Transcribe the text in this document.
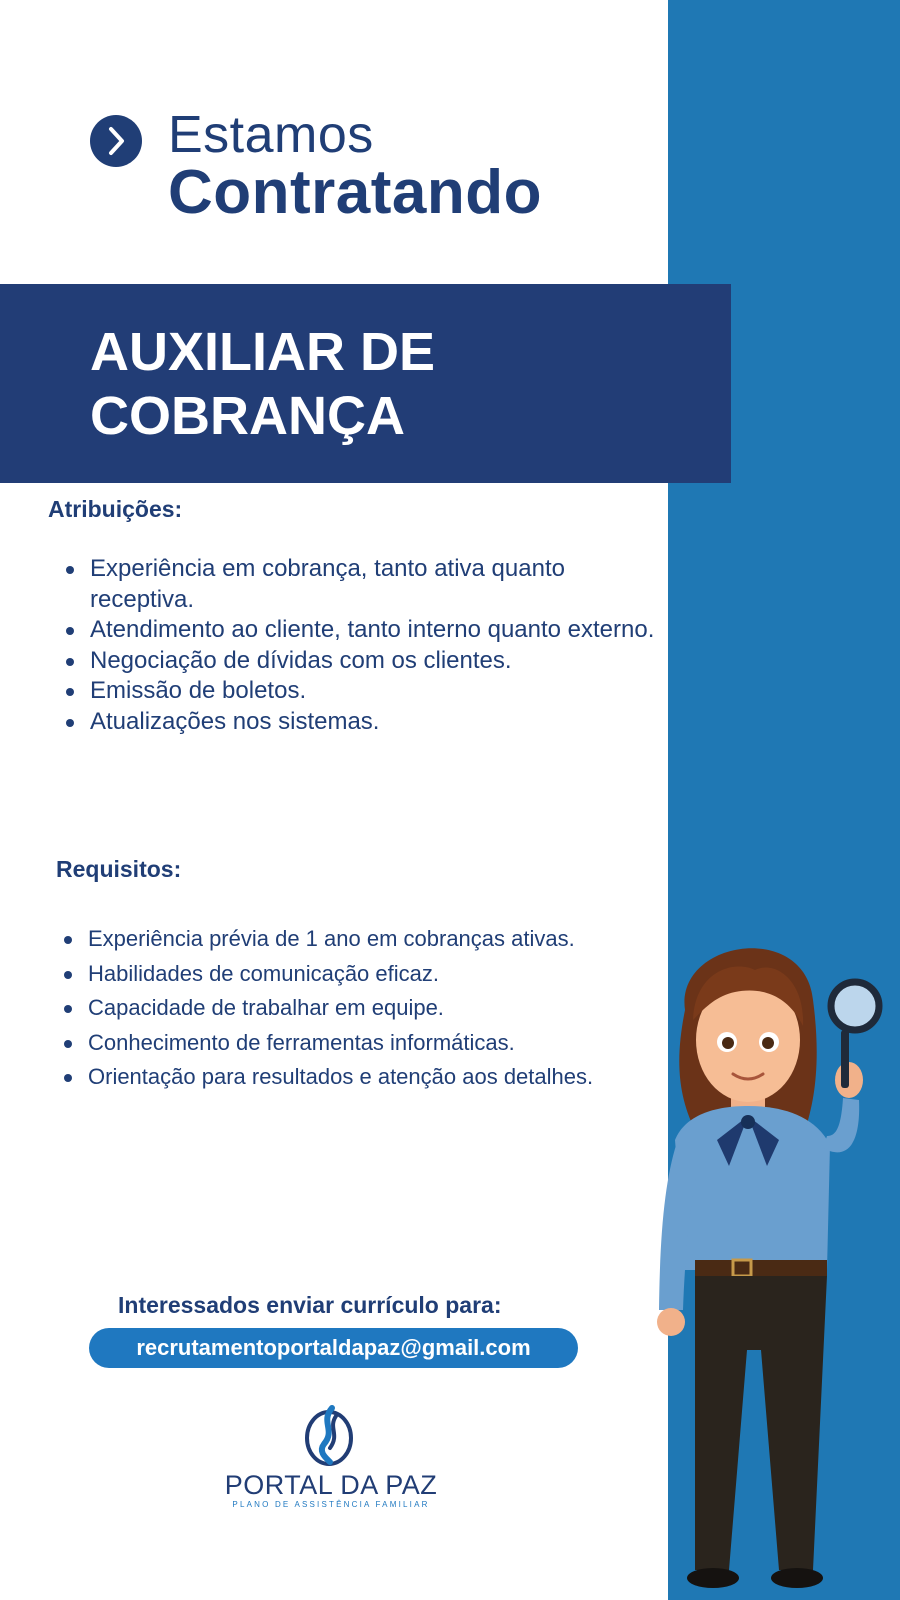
Estamos
Contratando
AUXILIAR DE COBRANÇA
Atribuições:
Experiência em cobrança, tanto ativa quanto receptiva.
Atendimento ao cliente, tanto interno quanto externo.
Negociação de dívidas com os clientes.
Emissão de boletos.
Atualizações nos sistemas.
Requisitos:
Experiência prévia de 1 ano em cobranças ativas.
Habilidades de comunicação eficaz.
Capacidade de trabalhar em equipe.
Conhecimento de ferramentas informáticas.
Orientação para resultados e atenção aos detalhes.
Interessados enviar currículo para:
recrutamentoportaldapaz@gmail.com
PORTAL DA PAZ
PLANO DE ASSISTÊNCIA FAMILIAR
